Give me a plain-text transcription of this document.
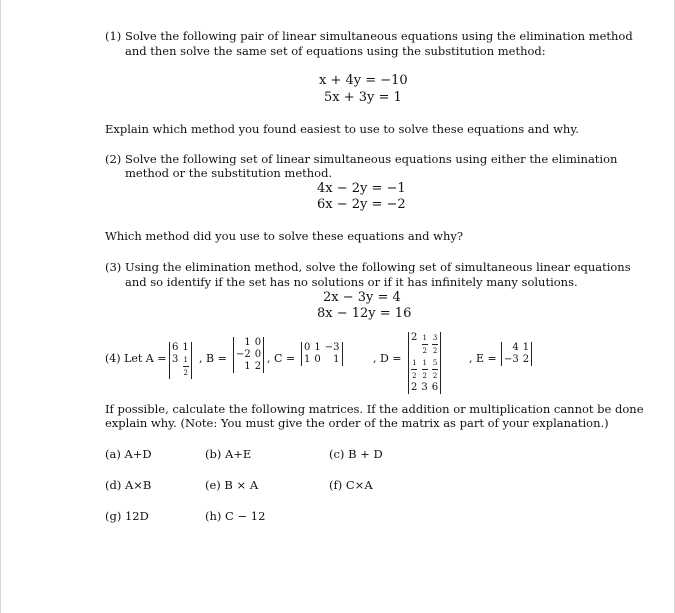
(1) Solve the following pair of linear simultaneous equations using the elimination method
and then solve the same set of equations using the substitution method:
x + 4y = −10
5x + 3y = 1
Explain which method you found easiest to use to solve these equations and why.
(2) Solve the following set of linear simultaneous equations using either the elimination
method or the substitution method.
4x − 2y = −1
6x − 2y = −2
Which method did you use to solve these equations and why?
(3) Using the elimination method, solve the following set of simultaneous linear equations
and so identify if the set has no solutions or if it has infinitely many solutions.
2x − 3y = 4
8x − 12y = 16
(4) Let A =
6 1
$3 \frac{1}{2}$ , B =
1 0
−2 0
1 2
, C =
0 1 −3
1 0	1	, D =
$2 \frac{1}{2} \frac{3}{2}$
$\frac{1}{2} \frac{1}{2} \frac{5}{2}$
2 3 6
, E =
4 1
−3 2
If possible, calculate the following matrices. If the addition or multiplication cannot be done
explain why. (Note: You must give the order of the matrix as part of your explanation.)
(a) A+D	(b) A+E	(c) B + D
(d) A×B	(e) B × A	(f) C×A
(g) 12D	(h) C − 12
